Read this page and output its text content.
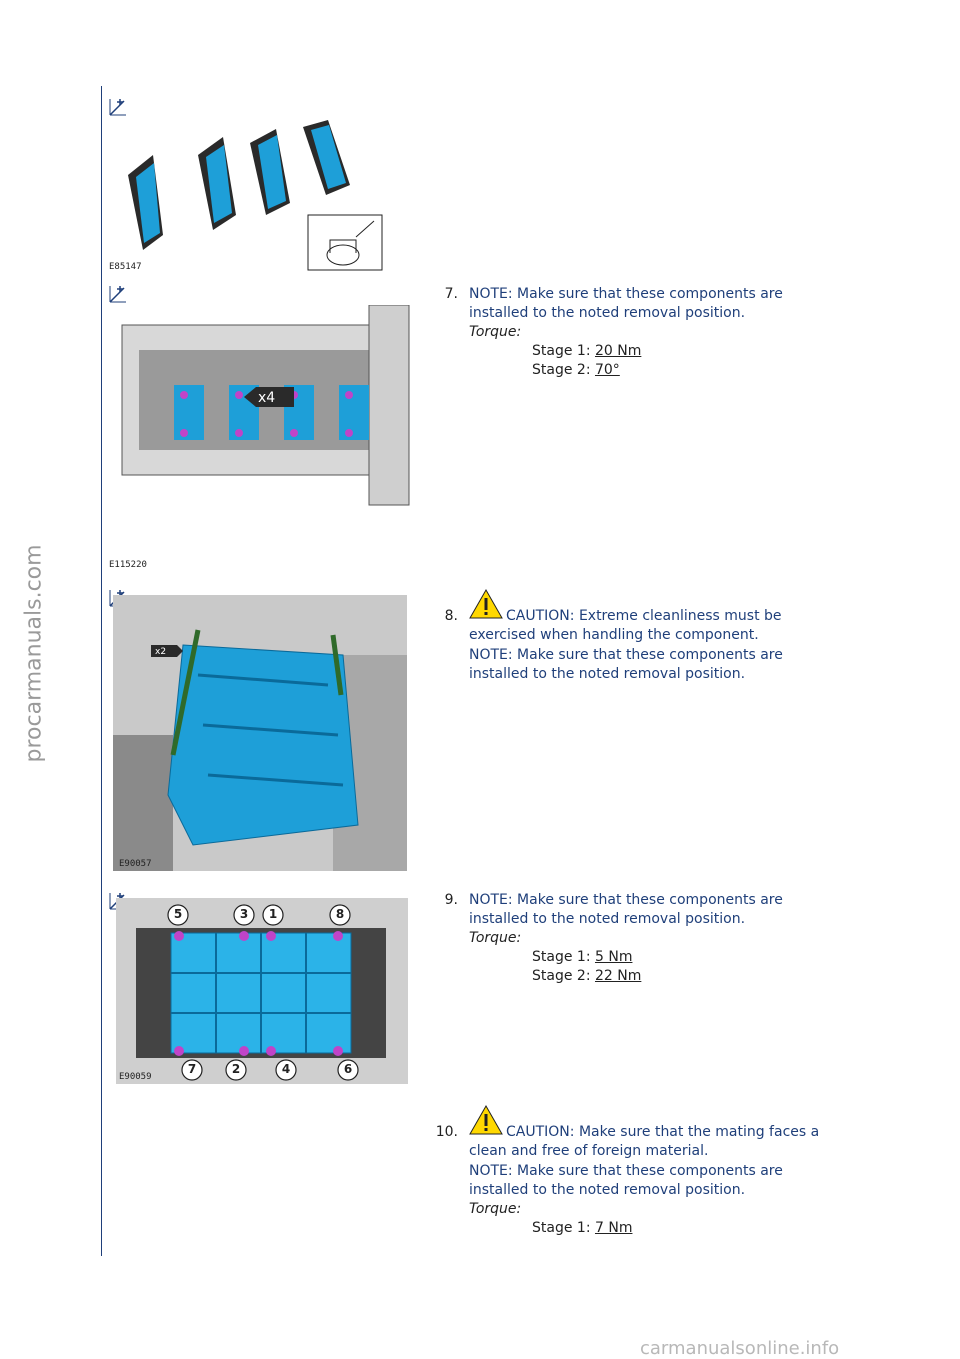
procarmanuals.com
E85147
x4
E115220
x2
E90057
5	3 1	8
7	2	4	6
E90059
7. NOTE: Make sure that these components are
installed to the noted removal position.
Torque:
Stage 1: 20 Nm
Stage 2: 70°
8.	CAUTION: Extreme cleanliness must be
exercised when handling the component.
NOTE: Make sure that these components are
installed to the noted removal position.
9. NOTE: Make sure that these components are
installed to the noted removal position.
Torque:
Stage 1: 5 Nm
Stage 2: 22 Nm
10.	CAUTION: Make sure that the mating faces a
clean and free of foreign material.
NOTE: Make sure that these components are
installed to the noted removal position.
Torque:
Stage 1: 7 Nm
carmanualsonline.info
